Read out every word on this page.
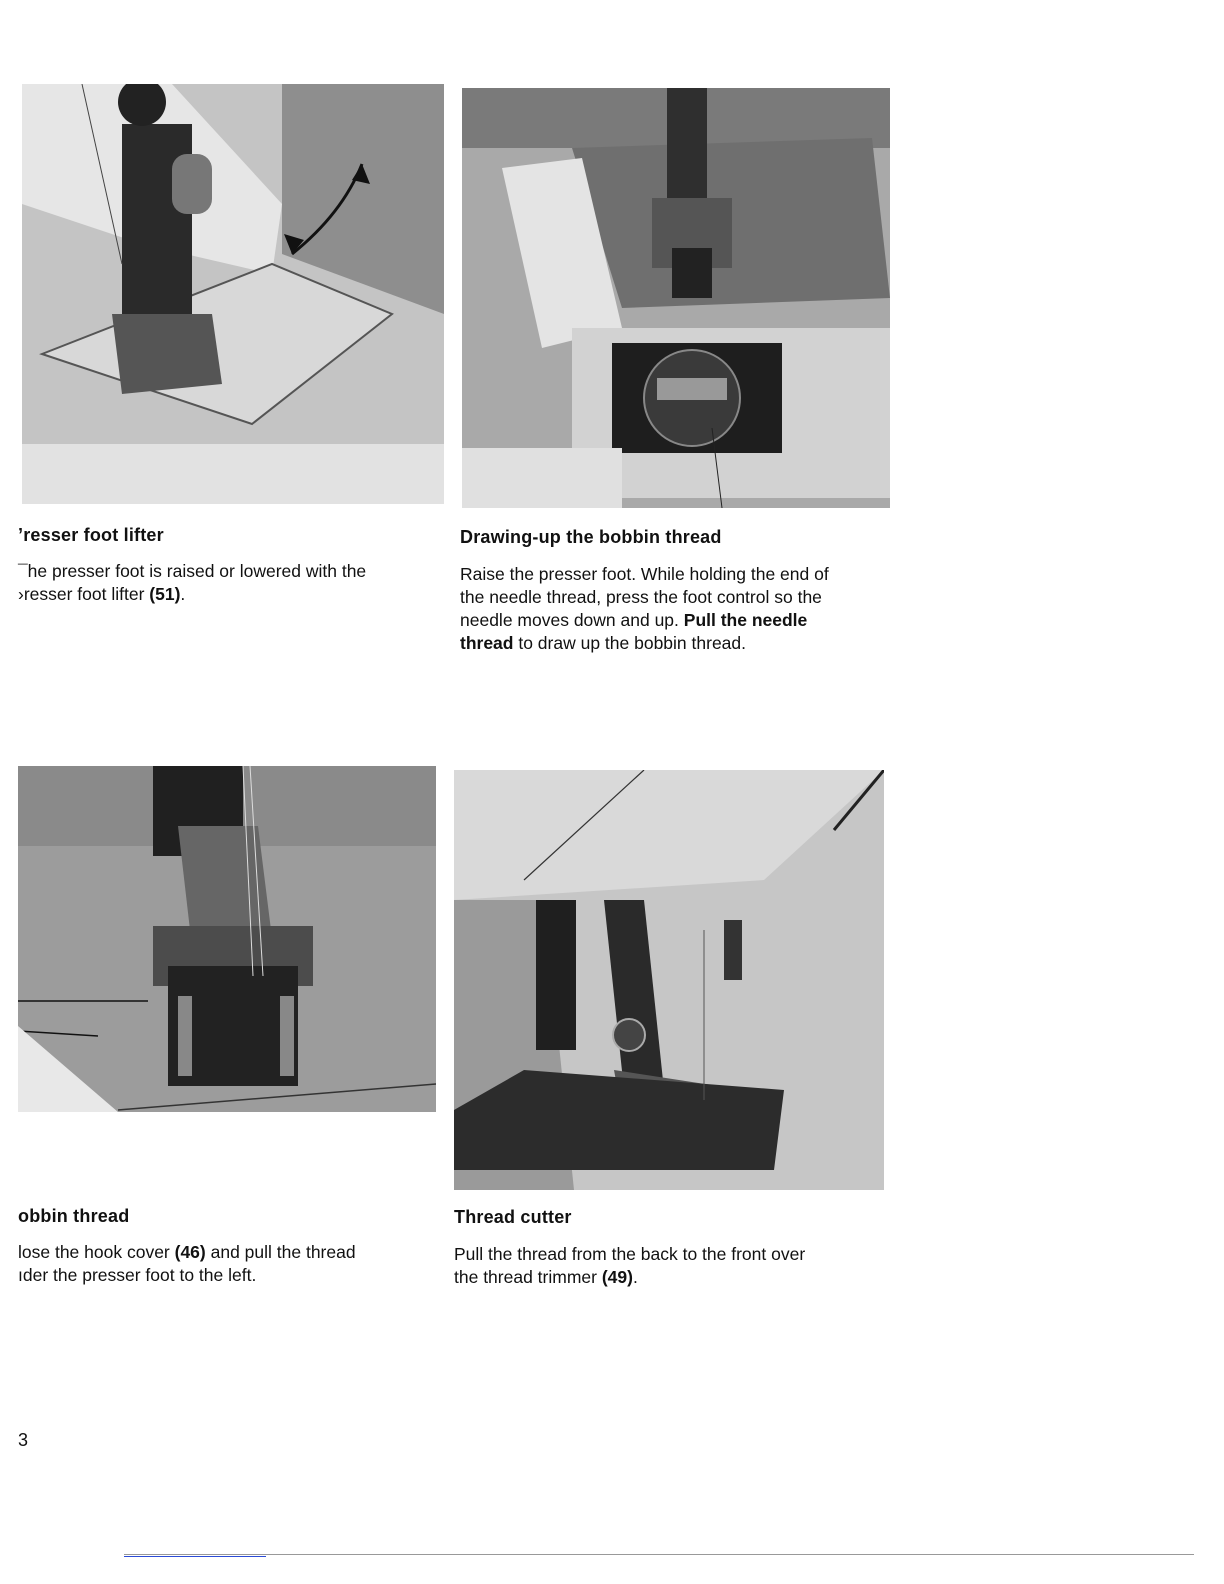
’resser foot lifter
¯he presser foot is raised or lowered with the
›resser foot lifter (51).
Drawing-up the bobbin thread
Raise the presser foot. While holding the end of
the needle thread, press the foot control so the
needle moves down and up. Pull the needle
thread to draw up the bobbin thread.
obbin thread
lose the hook cover (46) and pull the thread
ıder the presser foot to the left.
Thread cutter
Pull the thread from the back to the front over
the thread trimmer (49).
3
